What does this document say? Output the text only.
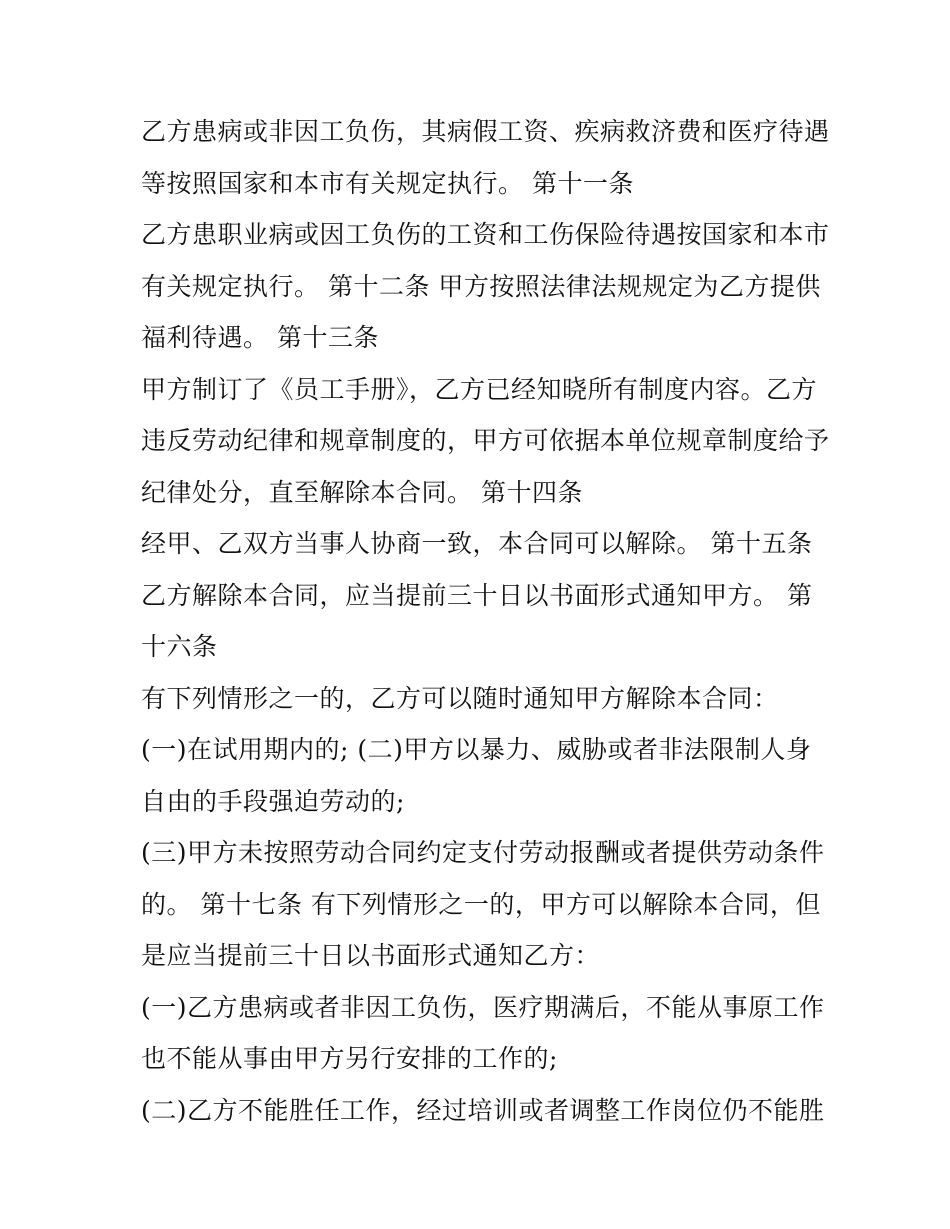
乙方患病或非因工负伤，其病假工资、疾病救济费和医疗待遇
等按照国家和本市有关规定执行。 第十一条
乙方患职业病或因工负伤的工资和工伤保险待遇按国家和本市
有关规定执行。 第十二条 甲方按照法律法规规定为乙方提供
福利待遇。 第十三条
甲方制订了《员工手册》，乙方已经知晓所有制度内容。乙方
违反劳动纪律和规章制度的，甲方可依据本单位规章制度给予
纪律处分，直至解除本合同。 第十四条
经甲、乙双方当事人协商一致，本合同可以解除。 第十五条
乙方解除本合同，应当提前三十日以书面形式通知甲方。 第
十六条
有下列情形之一的，乙方可以随时通知甲方解除本合同：
(一)在试用期内的; (二)甲方以暴力、威胁或者非法限制人身
自由的手段强迫劳动的;
(三)甲方未按照劳动合同约定支付劳动报酬或者提供劳动条件
的。 第十七条 有下列情形之一的，甲方可以解除本合同，但
是应当提前三十日以书面形式通知乙方：
(一)乙方患病或者非因工负伤，医疗期满后，不能从事原工作
也不能从事由甲方另行安排的工作的;
(二)乙方不能胜任工作，经过培训或者调整工作岗位仍不能胜
